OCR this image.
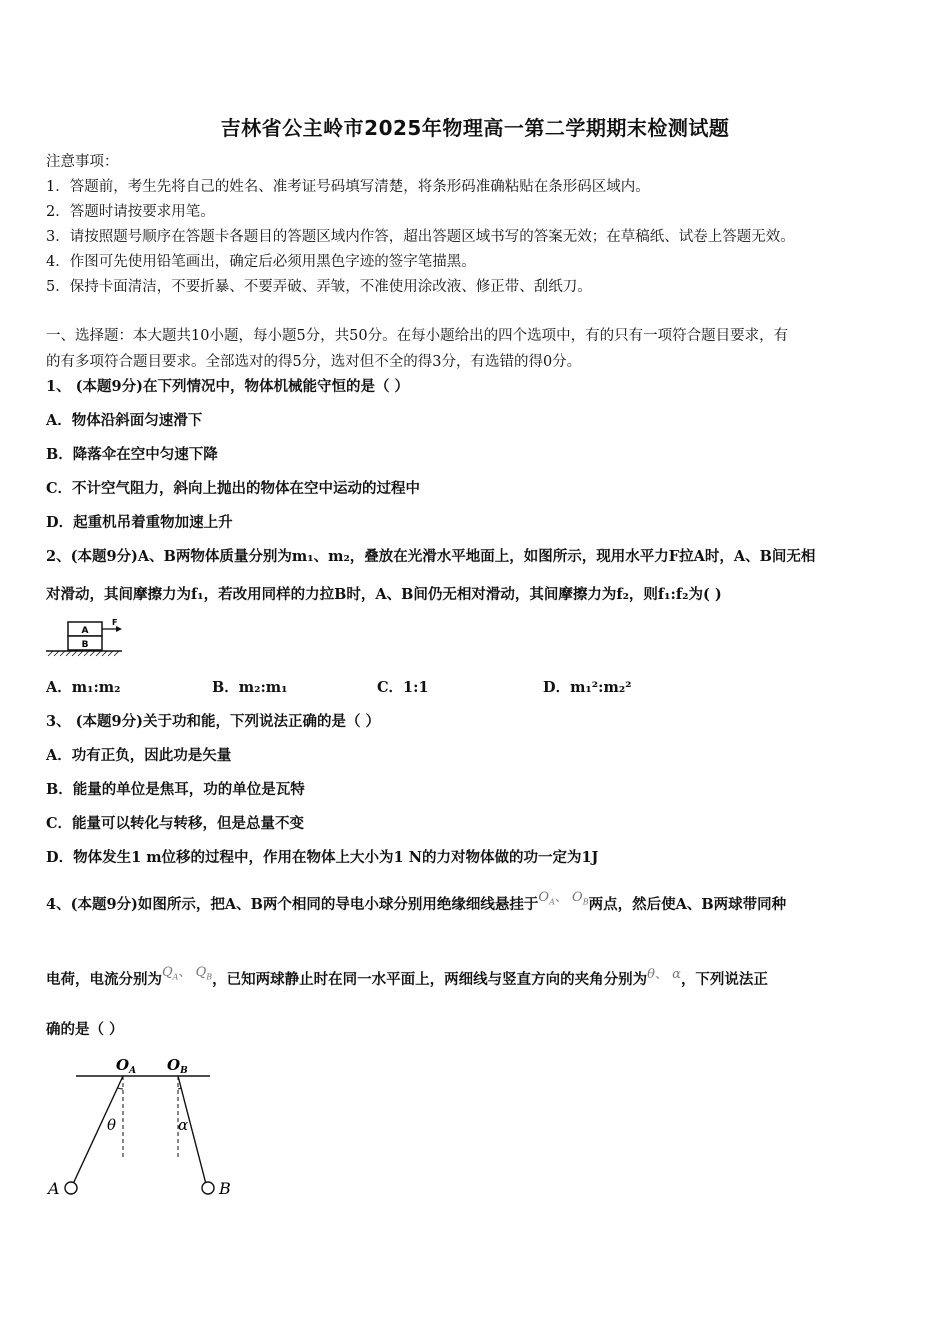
吉林省公主岭市2025年物理高一第二学期期末检测试题
注意事项：
1．答题前，考生先将自己的姓名、准考证号码填写清楚，将条形码准确粘贴在条形码区域内。
2．答题时请按要求用笔。
3．请按照题号顺序在答题卡各题目的答题区域内作答，超出答题区域书写的答案无效；在草稿纸、试卷上答题无效。
4．作图可先使用铅笔画出，确定后必须用黑色字迹的签字笔描黑。
5．保持卡面清洁，不要折暴、不要弄破、弄皱，不准使用涂改液、修正带、刮纸刀。
一、选择题：本大题共10小题，每小题5分，共50分。在每小题给出的四个选项中，有的只有一项符合题目要求，有
的有多项符合题目要求。全部选对的得5分，选对但不全的得3分，有选错的得0分。
1、 (本题9分)在下列情况中，物体机械能守恒的是（ ）
A．物体沿斜面匀速滑下
B．降落伞在空中匀速下降
C．不计空气阻力，斜向上抛出的物体在空中运动的过程中
D．起重机吊着重物加速上升
2、(本题9分)A、B两物体质量分别为m₁、m₂，叠放在光滑水平地面上，如图所示，现用水平力F拉A时，A、B间无相
对滑动，其间摩擦力为f₁，若改用同样的力拉B时，A、B间仍无相对滑动，其间摩擦力为f₂，则f₁:f₂为( )
A
B
F
A．m₁:m₂	B．m₂:m₁	C．1:1	D．m₁²:m₂²
3、 (本题9分)关于功和能，下列说法正确的是（ ）
A．功有正负，因此功是矢量
B．能量的单位是焦耳，功的单位是瓦特
C．能量可以转化与转移，但是总量不变
D．物体发生1 m位移的过程中，作用在物体上大小为1 N的力对物体做的功一定为1J
4、(本题9分)如图所示，把A、B两个相同的导电小球分别用绝缘细线悬挂于$O_A$、 $O_B$两点，然后使A、B两球带同种
电荷，电流分别为$Q_A$、 $Q_B$，已知两球静止时在同一水平面上，两细线与竖直方向的夹角分别为θ、 α，下列说法正
确的是（ ）
$O_A$ $O_B$
θ	α
A	B
